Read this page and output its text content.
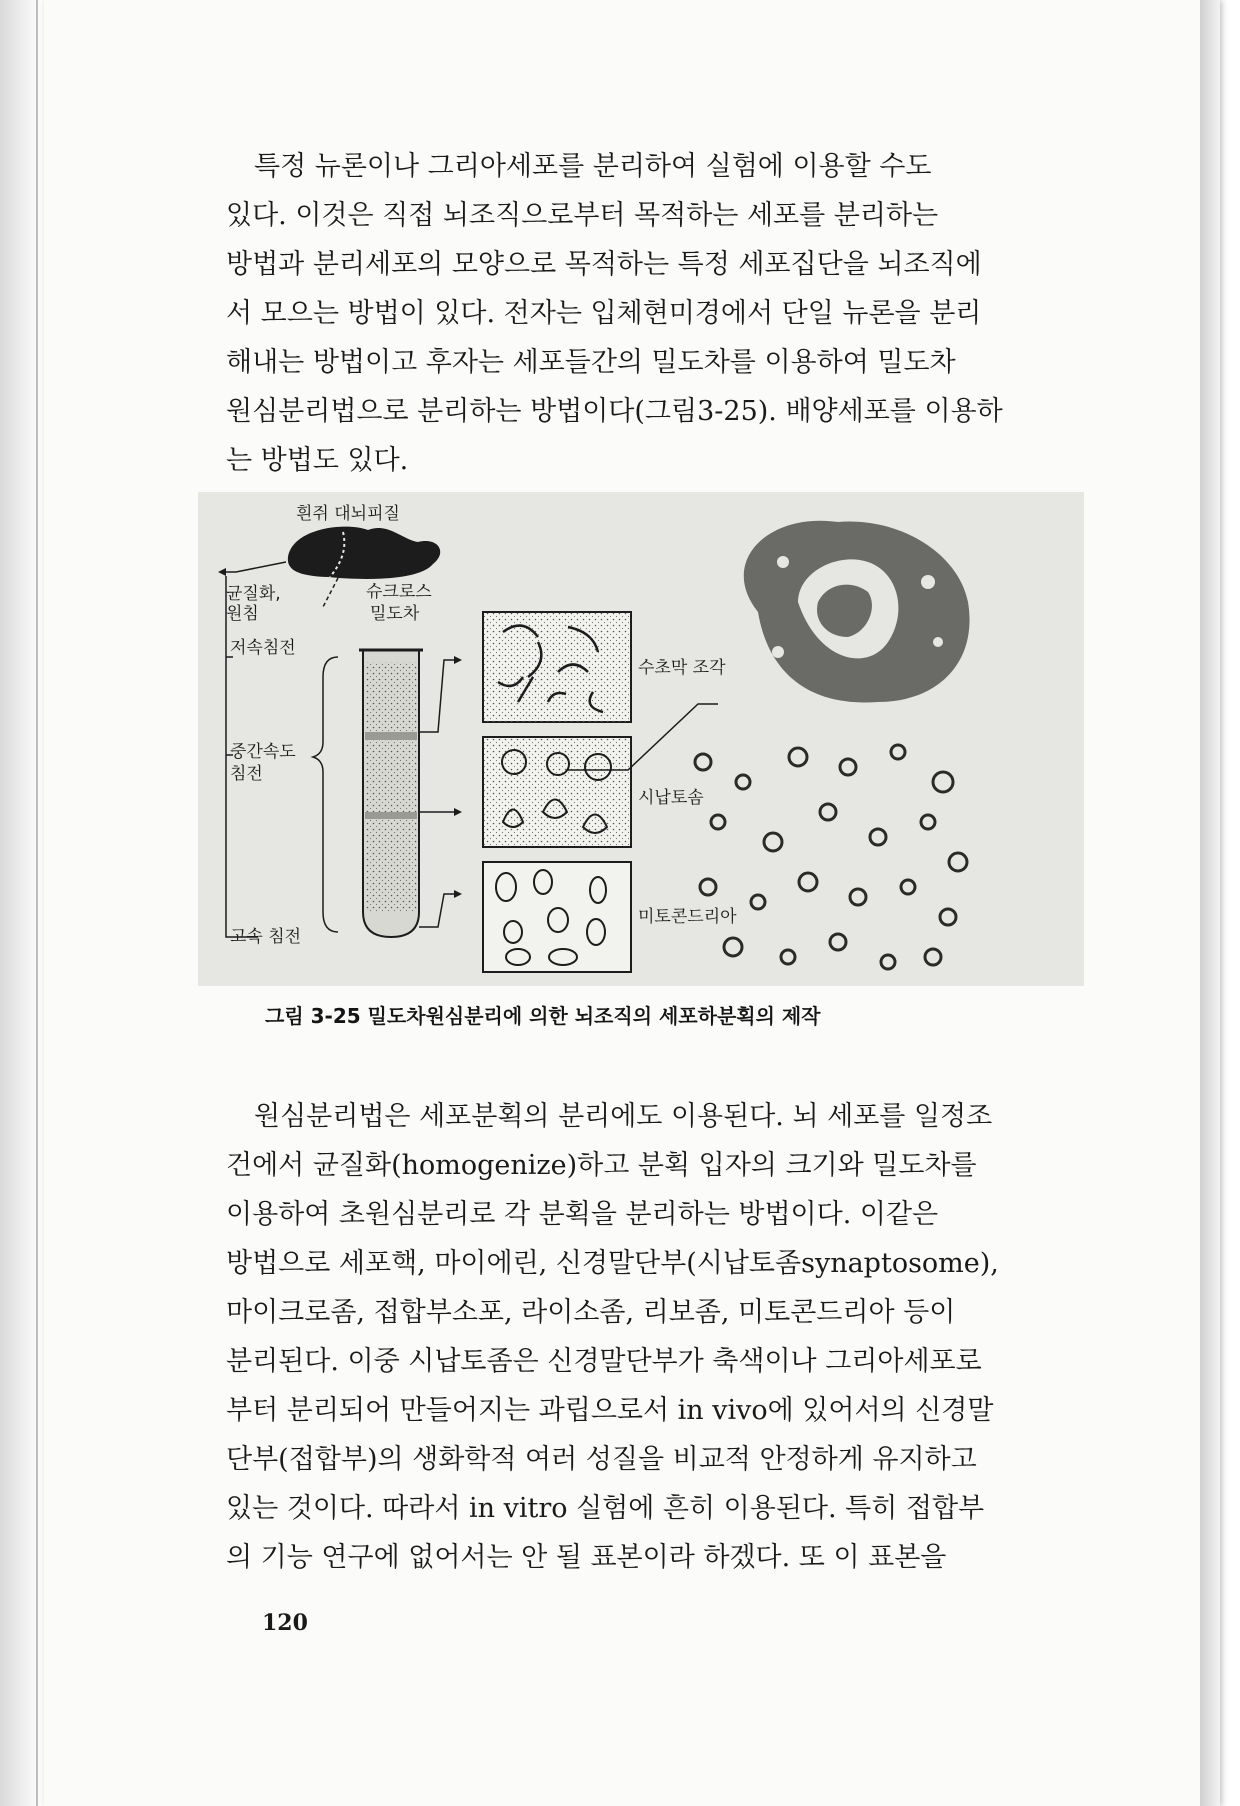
특정 뉴론이나 그리아세포를 분리하여 실험에 이용할 수도
있다. 이것은 직접 뇌조직으로부터 목적하는 세포를 분리하는
방법과 분리세포의 모양으로 목적하는 특정 세포집단을 뇌조직에
서 모으는 방법이 있다. 전자는 입체현미경에서 단일 뉴론을 분리
해내는 방법이고 후자는 세포들간의 밀도차를 이용하여 밀도차
원심분리법으로 분리하는 방법이다(그림3-25). 배양세포를 이용하
는 방법도 있다.
흰쥐 대뇌피질
균질화,
원침
슈크로스
밀도차
저속침전
중간속도
침전
고속 침전
수초막 조각
시납토솜
미토콘드리아
그림 3-25 밀도차원심분리에 의한 뇌조직의 세포하분획의 제작
원심분리법은 세포분획의 분리에도 이용된다. 뇌 세포를 일정조
건에서 균질화(homogenize)하고 분획 입자의 크기와 밀도차를
이용하여 초원심분리로 각 분획을 분리하는 방법이다. 이같은
방법으로 세포핵, 마이에린, 신경말단부(시납토좀synaptosome),
마이크로좀, 접합부소포, 라이소좀, 리보좀, 미토콘드리아 등이
분리된다. 이중 시납토좀은 신경말단부가 축색이나 그리아세포로
부터 분리되어 만들어지는 과립으로서 in vivo에 있어서의 신경말
단부(접합부)의 생화학적 여러 성질을 비교적 안정하게 유지하고
있는 것이다. 따라서 in vitro 실험에 흔히 이용된다. 특히 접합부
의 기능 연구에 없어서는 안 될 표본이라 하겠다. 또 이 표본을
120
